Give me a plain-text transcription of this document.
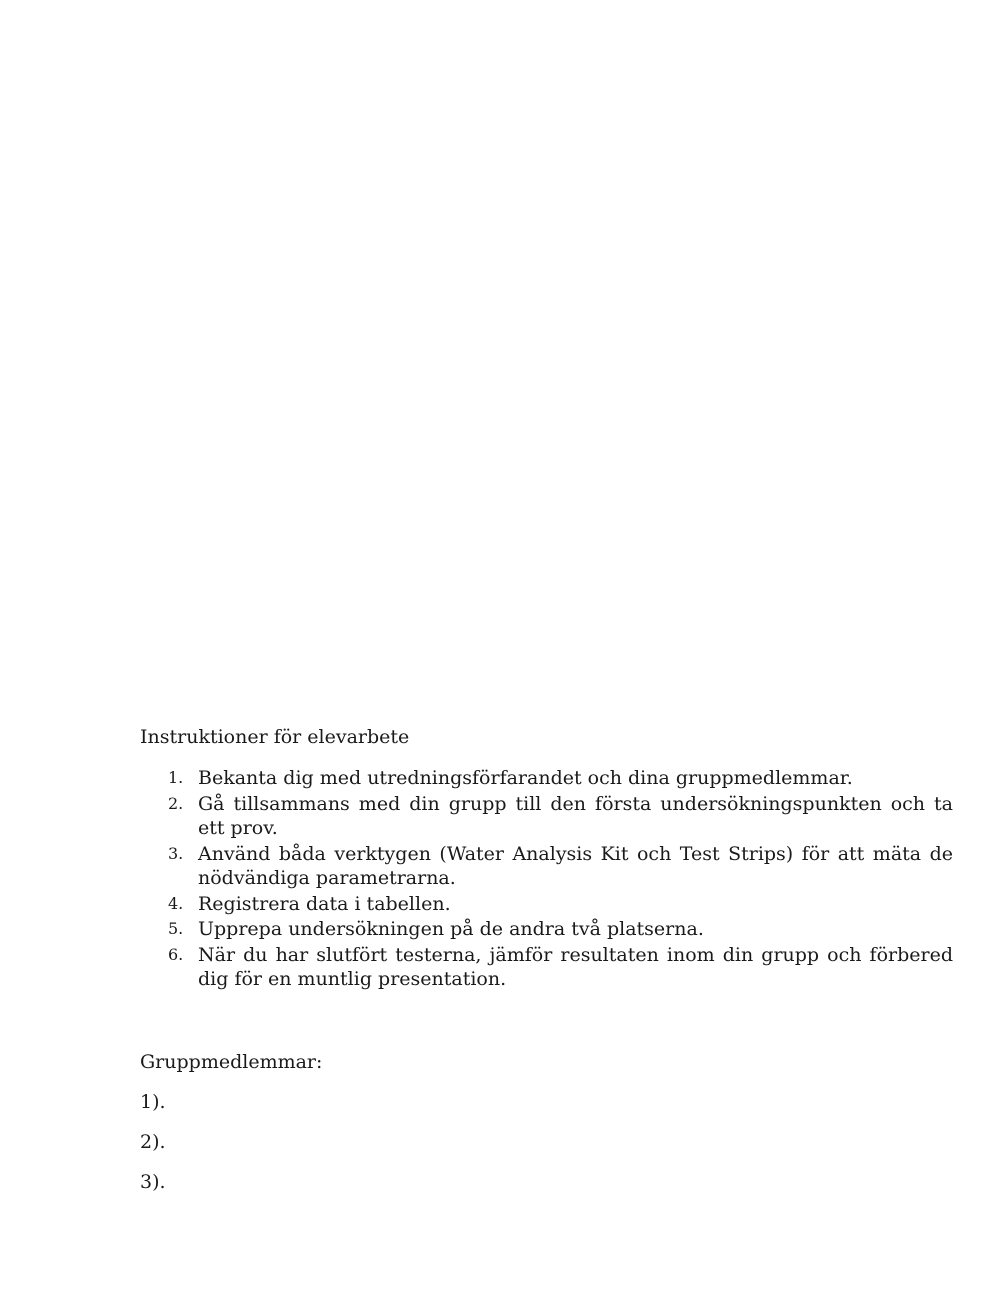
Instruktioner för elevarbete
1. Bekanta dig med utredningsförfarandet och dina gruppmedlemmar.
2. Gå tillsammans med din grupp till den första undersökningspunkten och ta ett prov.
3. Använd båda verktygen (Water Analysis Kit och Test Strips) för att mäta de nödvändiga parametrarna.
4. Registrera data i tabellen.
5. Upprepa undersökningen på de andra två platserna.
6. När du har slutfört testerna, jämför resultaten inom din grupp och förbered dig för en muntlig presentation.
Gruppmedlemmar:
1).
2).
3).
